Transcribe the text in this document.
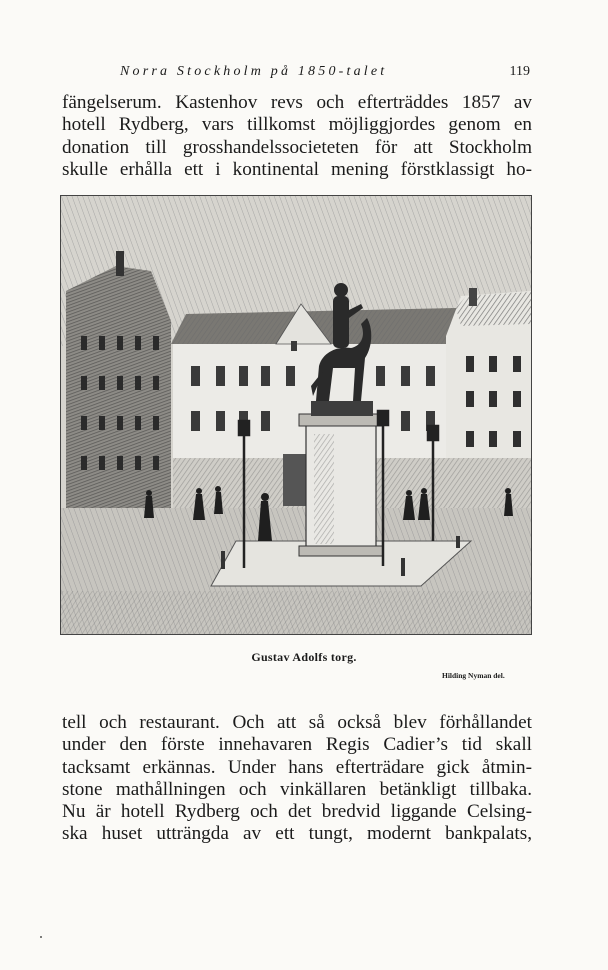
Norra Stockholm på 1850-talet	119
fängelserum. Kastenhov revs och efterträddes 1857 av
hotell Rydberg, vars tillkomst möjliggjordes genom en
donation till grosshandelssocieteten för att Stockholm
skulle erhålla ett i kontinental mening förstklassigt ho-
Gustav Adolfs torg.
Hilding Nyman del.
tell och restaurant. Och att så också blev förhållandet
under den förste innehavaren Regis Cadier’s tid skall
tacksamt erkännas. Under hans efterträdare gick åtmin-
stone mathållningen och vinkällaren betänkligt tillbaka.
Nu är hotell Rydberg och det bredvid liggande Celsing-
ska huset utträngda av ett tungt, modernt bankpalats,
